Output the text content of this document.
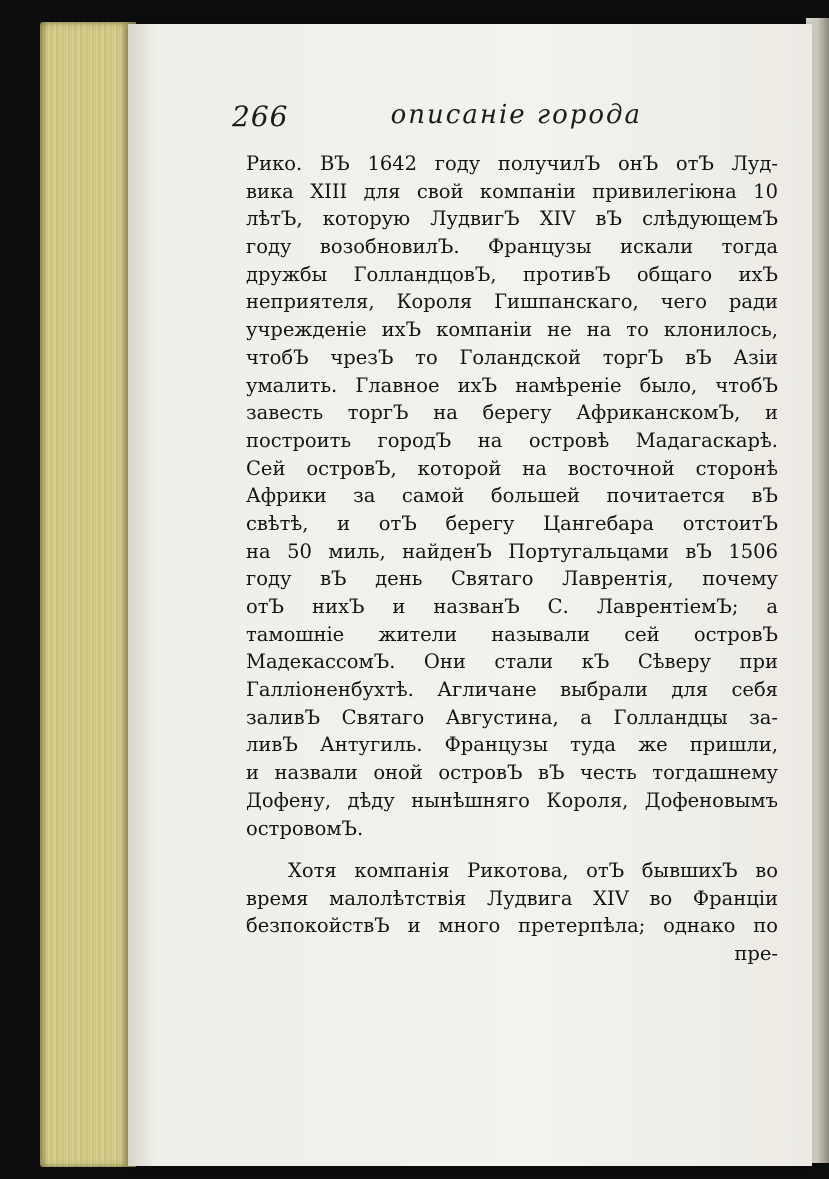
266	описанiе города
Рико. ВЪ 1642 году получилЪ онЪ отЪ Луд-
вика XIII для свой компанiи привилегiюна 10
лѣтЪ, которую ЛудвигЪ XIV вЪ слѣдующемЪ
году возобновилЪ. Французы искали тогда
дружбы ГолландцовЪ, противЪ общаго ихЪ
неприятеля, Короля Гишпанскаго, чего ради
учрежденiе ихЪ компанiи не на то клонилось,
чтобЪ чрезЪ то Голандской торгЪ вЪ Азiи
умалить. Главное ихЪ намѣренiе было, чтобЪ
завесть торгЪ на берегу АфриканскомЪ, и
построить городЪ на островѣ Мадагаскарѣ.
Сей островЪ, которой на восточной сторонѣ
Африки за самой большей почитается вЪ
свѣтѣ, и отЪ берегу Цангебара отстоитЪ
на 50 миль, найденЪ Португальцами вЪ 1506
году вЪ день Святаго Лаврентiя, почему
отЪ нихЪ и названЪ С. ЛаврентiемЪ; а
тамошнiе жители называли сей островЪ
МадекассомЪ. Они стали кЪ Сѣверу при
Галлiоненбухтѣ. Агличане выбрали для себя
заливЪ Святаго Августина, а Голландцы за-
ливЪ Антугиль. Французы туда же пришли,
и назвали оной островЪ вЪ честь тогдашнему
Дофену, дѣду нынѣшняго Короля, Дофеновымъ
островомЪ.
Хотя компанiя Рикотова, отЪ бывшихЪ во
время малолѣтствiя Лудвига XIV во Францiи
безпокойствЪ и много претерпѣла; однако по
пре-
